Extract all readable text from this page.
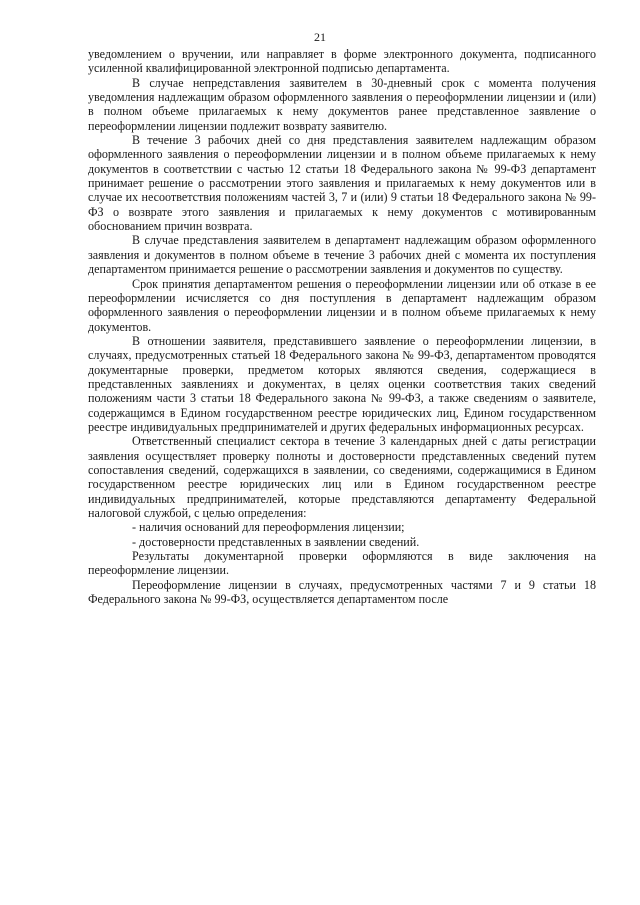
21

уведомлением о вручении, или направляет в форме электронного документа, подписанного усиленной квалифицированной электронной подписью департамента.

В случае непредставления заявителем в 30-дневный срок с момента получения уведомления надлежащим образом оформленного заявления о переоформлении лицензии и (или) в полном объеме прилагаемых к нему документов ранее представленное заявление о переоформлении лицензии подлежит возврату заявителю.

В течение 3 рабочих дней со дня представления заявителем надлежащим образом оформленного заявления о переоформлении лицензии и в полном объеме прилагаемых к нему документов в соответствии с частью 12 статьи 18 Федерального закона № 99-ФЗ департамент принимает решение о рассмотрении этого заявления и прилагаемых к нему документов или в случае их несоответствия положениям частей 3, 7 и (или) 9 статьи 18 Федерального закона № 99-ФЗ о возврате этого заявления и прилагаемых к нему документов с мотивированным обоснованием причин возврата.

В случае представления заявителем в департамент надлежащим образом оформленного заявления и документов в полном объеме в течение 3 рабочих дней с момента их поступления департаментом принимается решение о рассмотрении заявления и документов по существу.

Срок принятия департаментом решения о переоформлении лицензии или об отказе в ее переоформлении исчисляется со дня поступления в департамент надлежащим образом оформленного заявления о переоформлении лицензии и в полном объеме прилагаемых к нему документов.

В отношении заявителя, представившего заявление о переоформлении лицензии, в случаях, предусмотренных статьей 18 Федерального закона № 99-ФЗ, департаментом проводятся документарные проверки, предметом которых являются сведения, содержащиеся в представленных заявлениях и документах, в целях оценки соответствия таких сведений положениям части 3 статьи 18 Федерального закона № 99-ФЗ, а также сведениям о заявителе, содержащимся в Едином государственном реестре юридических лиц, Едином государственном реестре индивидуальных предпринимателей и других федеральных информационных ресурсах.

Ответственный специалист сектора в течение 3 календарных дней с даты регистрации заявления осуществляет проверку полноты и достоверности представленных сведений путем сопоставления сведений, содержащихся в заявлении, со сведениями, содержащимися в Едином государственном реестре юридических лиц или в Едином государственном реестре индивидуальных предпринимателей, которые представляются департаменту Федеральной налоговой службой, с целью определения:

- наличия оснований для переоформления лицензии;

- достоверности представленных в заявлении сведений.

Результаты документарной проверки оформляются в виде заключения на переоформление лицензии.

Переоформление лицензии в случаях, предусмотренных частями 7 и 9 статьи 18 Федерального закона № 99-ФЗ, осуществляется департаментом после
